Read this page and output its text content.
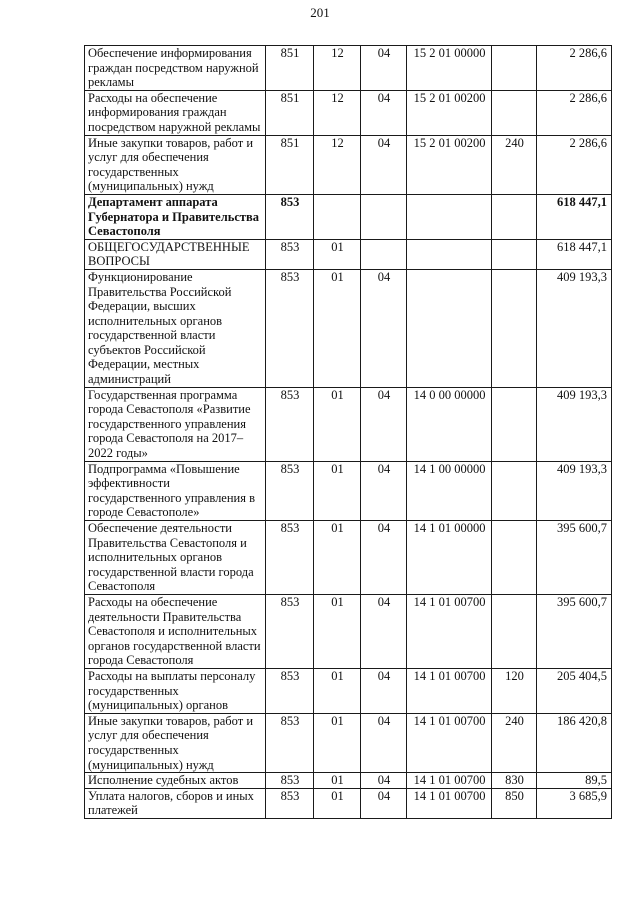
201
Обеспечение информирования граждан посредством наружной рекламы	851	12	04	15 2 01 00000		2 286,6
Расходы на обеспечение информирования граждан посредством наружной рекламы	851	12	04	15 2 01 00200		2 286,6
Иные закупки товаров, работ и услуг для обеспечения государственных (муниципальных) нужд	851	12	04	15 2 01 00200	240	2 286,6
Департамент аппарата Губернатора и Правительства Севастополя	853					618 447,1
ОБЩЕГОСУДАРСТВЕННЫЕ ВОПРОСЫ	853	01				618 447,1
Функционирование Правительства Российской Федерации, высших исполнительных органов государственной власти субъектов Российской Федерации, местных администраций	853	01	04			409 193,3
Государственная программа города Севастополя «Развитие государственного управления города Севастополя на 2017–2022 годы»	853	01	04	14 0 00 00000		409 193,3
Подпрограмма «Повышение эффективности государственного управления в городе Севастополе»	853	01	04	14 1 00 00000		409 193,3
Обеспечение деятельности Правительства Севастополя и исполнительных органов государственной власти города Севастополя	853	01	04	14 1 01 00000		395 600,7
Расходы на обеспечение деятельности Правительства Севастополя и исполнительных органов государственной власти города Севастополя	853	01	04	14 1 01 00700		395 600,7
Расходы на выплаты персоналу государственных (муниципальных) органов	853	01	04	14 1 01 00700	120	205 404,5
Иные закупки товаров, работ и услуг для обеспечения государственных (муниципальных) нужд	853	01	04	14 1 01 00700	240	186 420,8
Исполнение судебных актов	853	01	04	14 1 01 00700	830	89,5
Уплата налогов, сборов и иных платежей	853	01	04	14 1 01 00700	850	3 685,9
